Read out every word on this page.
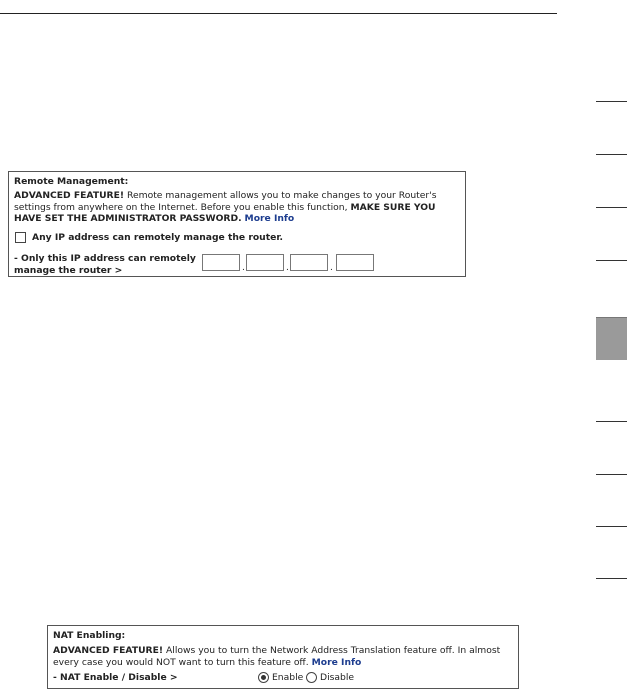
Remote Management:
ADVANCED FEATURE! Remote management allows you to make changes to your Router's settings from anywhere on the Internet. Before you enable this function, MAKE SURE YOU HAVE SET THE ADMINISTRATOR PASSWORD. More Info
Any IP address can remotely manage the router.
- Only this IP address can remotely manage the router >	.	.	.
NAT Enabling:
ADVANCED FEATURE! Allows you to turn the Network Address Translation feature off. In almost every case you would NOT want to turn this feature off. More Info
- NAT Enable / Disable >	Enable Disable
